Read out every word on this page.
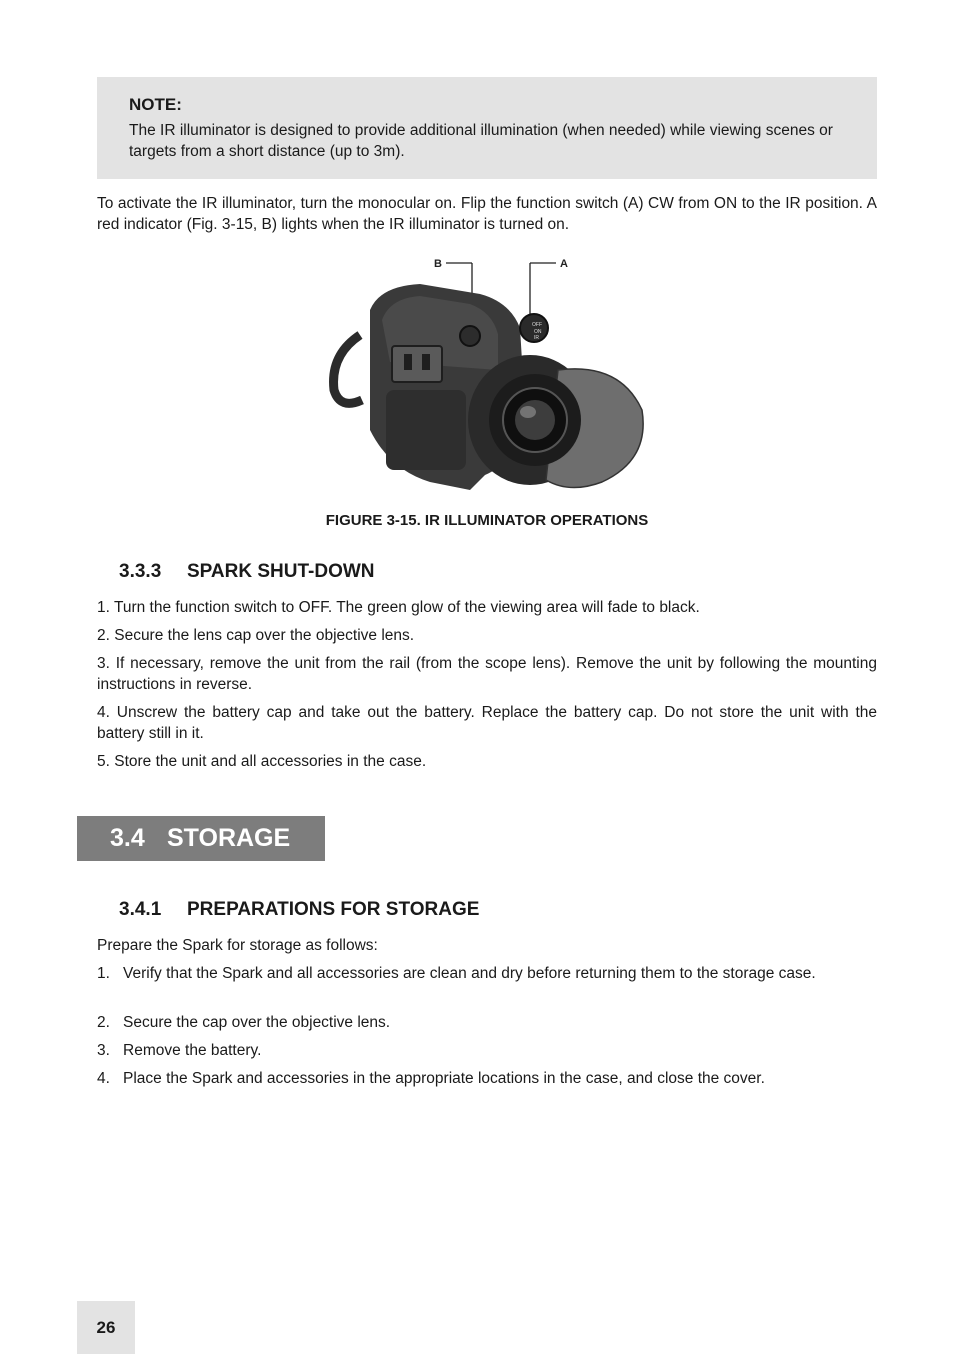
NOTE:

The IR illuminator is designed to provide additional illumination (when needed) while viewing scenes or targets from a short distance (up to 3m).

To activate the IR illuminator, turn the monocular on. Flip the function switch (A) CW from ON to the IR position. A red indicator (Fig. 3-15, B) lights when the IR illuminator is turned on.

B	A
OFF
ON
IR

FIGURE 3-15. IR ILLUMINATOR OPERATIONS

3.3.3 SPARK SHUT-DOWN

1. Turn the function switch to OFF. The green glow of the viewing area will fade to black.

2. Secure the lens cap over the objective lens.

3. If necessary, remove the unit from the rail (from the scope lens). Remove the unit by following the mounting instructions in reverse.

4. Unscrew the battery cap and take out the battery. Replace the battery cap. Do not store the unit with the battery still in it.

5. Store the unit and all accessories in the case.

3.4 STORAGE
3.4.1 PREPARATIONS FOR STORAGE

Prepare the Spark for storage as follows:

1. Verify that the Spark and all accessories are clean and dry before returning them to the storage case.

2. Secure the cap over the objective lens.

3. Remove the battery.

4. Place the Spark and accessories in the appropriate locations in the case, and close the cover.

26
